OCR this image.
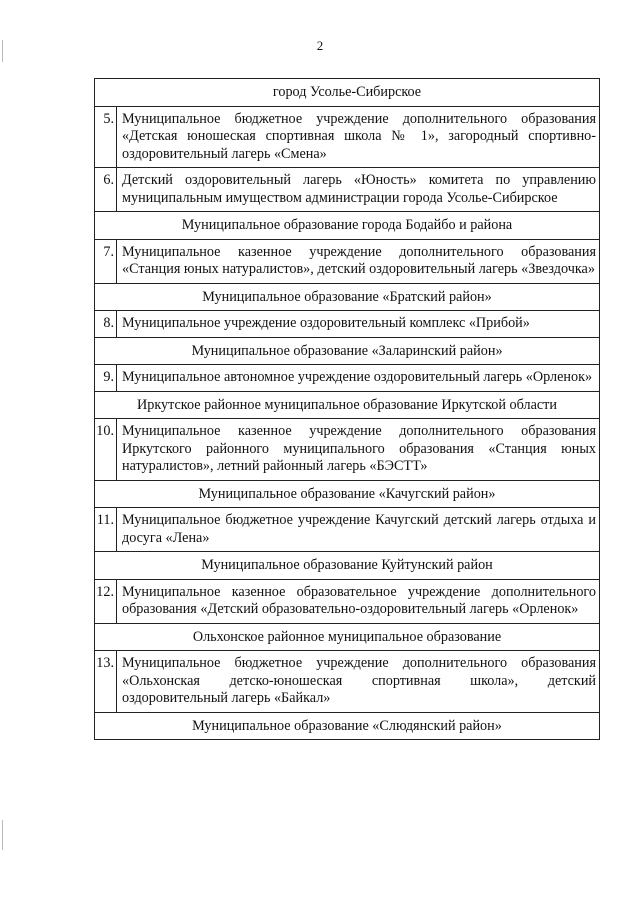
2
город Усолье-Сибирское	
5.	Муниципальное бюджетное учреждение дополнительного образования «Детская юношеская спортивная школа № 1», загородный спортивно-оздоровительный лагерь «Смена»
6.	Детский оздоровительный лагерь «Юность» комитета по управлению муниципальным имуществом администрации города Усолье-Сибирское
Муниципальное образование города Бодайбо и района	
7.	Муниципальное казенное учреждение дополнительного образования «Станция юных натуралистов», детский оздоровительный лагерь «Звездочка»
Муниципальное образование «Братский район»	
8.	Муниципальное учреждение оздоровительный комплекс «Прибой»
Муниципальное образование «Заларинский район»	
9.	Муниципальное автономное учреждение оздоровительный лагерь «Орленок»
Иркутское районное муниципальное образование Иркутской области	
10.	Муниципальное казенное учреждение дополнительного образования Иркутского районного муниципального образования «Станция юных натуралистов», летний районный лагерь «БЭСТТ»
Муниципальное образование «Качугский район»	
11.	Муниципальное бюджетное учреждение Качугский детский лагерь отдыха и досуга «Лена»
Муниципальное образование Куйтунский район	
12.	Муниципальное казенное образовательное учреждение дополнительного образования «Детский образовательно-оздоровительный лагерь «Орленок»
Ольхонское районное муниципальное образование	
13.	Муниципальное бюджетное учреждение дополнительного образования «Ольхонская детско-юношеская спортивная школа», детский оздоровительный лагерь «Байкал»
Муниципальное образование «Слюдянский район»	
